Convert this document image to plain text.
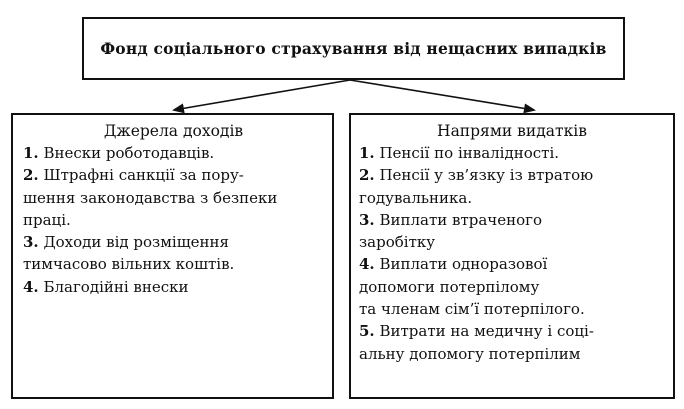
Фонд соціального страхування від нещасних випадків
Джерела доходів
1. Внески роботодавців.
2. Штрафні санкції за пору-
шення законодавства з безпеки
праці.
3. Доходи від розміщення
тимчасово вільних коштів.
4. Благодійні внески
Напрями видатків
1. Пенсії по інвалідності.
2. Пенсії у зв’язку із втратою
годувальника.
3. Виплати втраченого
заробітку
4. Виплати одноразової
допомоги потерпілому
та членам сім’ї потерпілого.
5. Витрати на медичну і соці-
альну допомогу потерпілим
